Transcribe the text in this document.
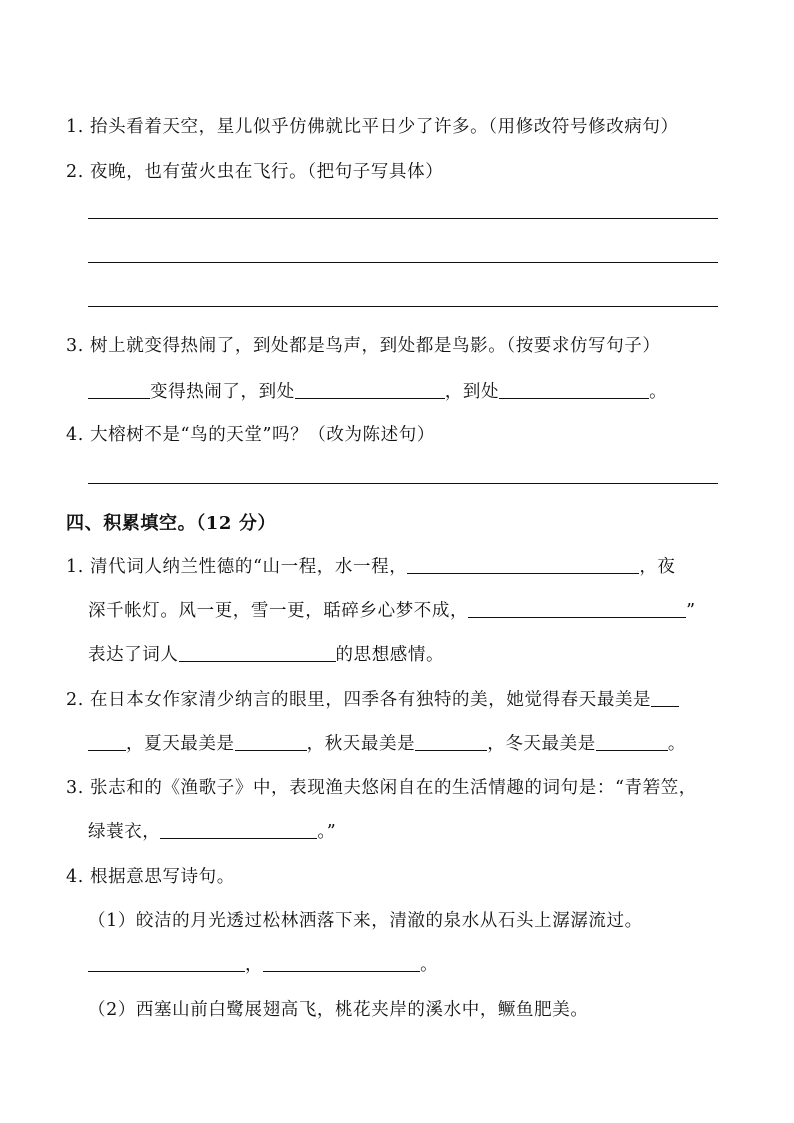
1. 抬头看着天空，星儿似乎仿佛就比平日少了许多。（用修改符号修改病句）
2. 夜晚，也有萤火虫在飞行。（把句子写具体）
3. 树上就变得热闹了，到处都是鸟声，到处都是鸟影。（按要求仿写句子）
变得热闹了，到处	，到处	。
4. 大榕树不是“鸟的天堂”吗？（改为陈述句）
四、积累填空。（12 分）
1. 清代词人纳兰性德的“山一程，水一程，	，夜
深千帐灯。风一更，雪一更，聒碎乡心梦不成，	”
表达了词人	的思想感情。
2. 在日本女作家清少纳言的眼里，四季各有独特的美，她觉得春天最美是
，夏天最美是	，秋天最美是	，冬天最美是	。
3. 张志和的《渔歌子》中，表现渔夫悠闲自在的生活情趣的词句是：“青箬笠，
绿蓑衣，	。”
4. 根据意思写诗句。
（1）皎洁的月光透过松林洒落下来，清澈的泉水从石头上潺潺流过。
，	。
（2）西塞山前白鹭展翅高飞，桃花夹岸的溪水中，鳜鱼肥美。
